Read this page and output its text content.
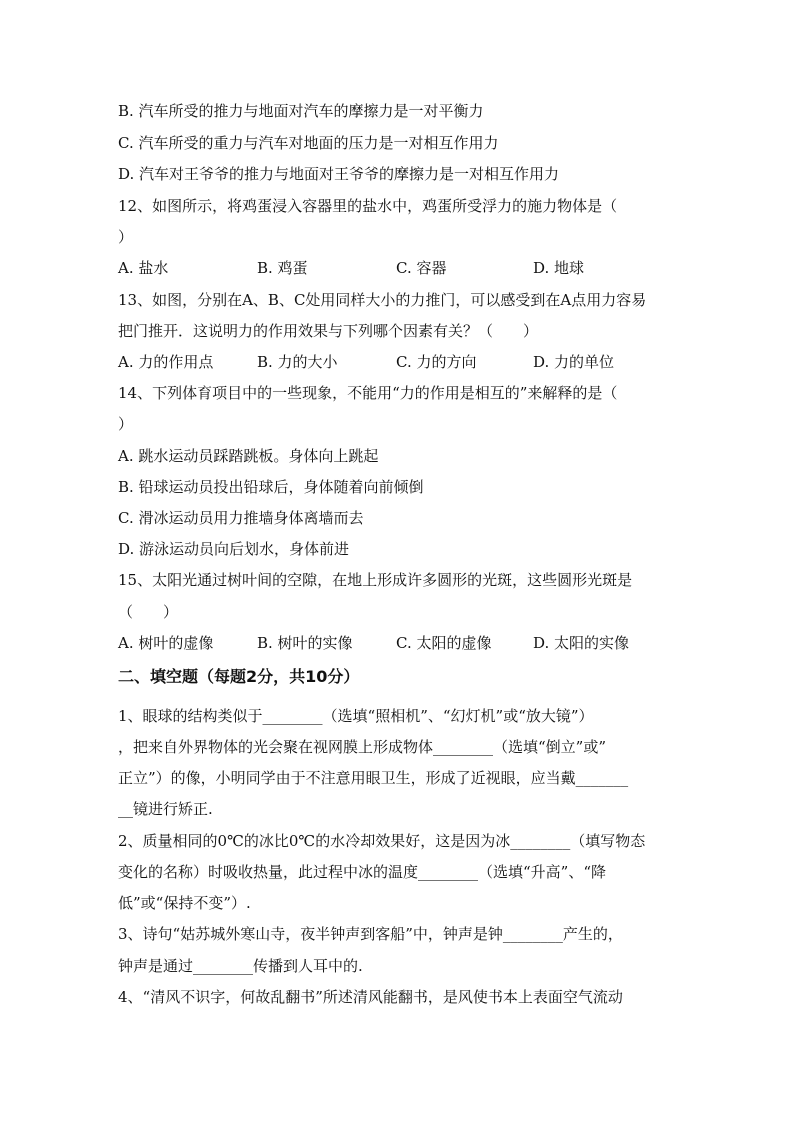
B. 汽车所受的推力与地面对汽车的摩擦力是一对平衡力
C. 汽车所受的重力与汽车对地面的压力是一对相互作用力
D. 汽车对王爷爷的推力与地面对王爷爷的摩擦力是一对相互作用力
12、如图所示，将鸡蛋浸入容器里的盐水中，鸡蛋所受浮力的施力物体是（
）
A. 盐水	B. 鸡蛋	C. 容器	D. 地球
13、如图，分别在A、B、C处用同样大小的力推门，可以感受到在A点用力容易
把门推开．这说明力的作用效果与下列哪个因素有关？（　　）
A. 力的作用点	B. 力的大小	C. 力的方向	D. 力的单位
14、下列体育项目中的一些现象，不能用“力的作用是相互的”来解释的是（
）
A. 跳水运动员踩踏跳板。身体向上跳起
B. 铅球运动员投出铅球后，身体随着向前倾倒
C. 滑冰运动员用力推墙身体离墙而去
D. 游泳运动员向后划水，身体前进
15、太阳光通过树叶间的空隙，在地上形成许多圆形的光斑，这些圆形光斑是
（　　）
A. 树叶的虚像	B. 树叶的实像	C. 太阳的虚像	D. 太阳的实像
二、填空题（每题2分，共10分）
1、眼球的结构类似于________（选填“照相机”、“幻灯机”或“放大镜”）
，把来自外界物体的光会聚在视网膜上形成物体________（选填“倒立”或”
正立”）的像，小明同学由于不注意用眼卫生，形成了近视眼，应当戴_______
__镜进行矫正.
2、质量相同的0℃的冰比0℃的水冷却效果好，这是因为冰________（填写物态
变化的名称）时吸收热量，此过程中冰的温度________（选填“升高”、“降
低”或“保持不变”）.
3、诗句“姑苏城外寒山寺，夜半钟声到客船”中，钟声是钟________产生的，
钟声是通过________传播到人耳中的.
4、“清风不识字，何故乱翻书”所述清风能翻书，是风使书本上表面空气流动
